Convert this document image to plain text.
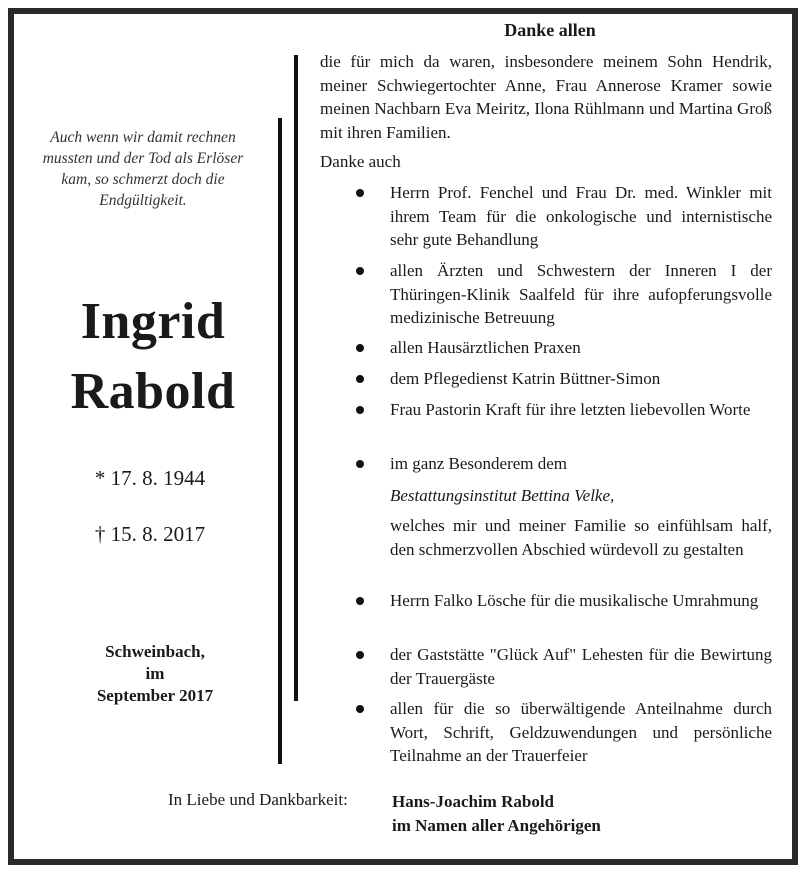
Auch wenn wir damit rechnen mussten und der Tod als Erlöser kam, so schmerzt doch die Endgültigkeit.
Ingrid
Rabold
* 17. 8. 1944
† 15. 8. 2017
Schweinbach,
im
September 2017
Danke allen
die für mich da waren, insbesondere meinem Sohn Hendrik, meiner Schwiegertochter Anne, Frau Annerose Kramer sowie meinen Nachbarn Eva Meiritz, Ilona Rühlmann und Martina Groß mit ihren Familien.
Danke auch
Herrn Prof. Fenchel und Frau Dr. med. Winkler mit ihrem Team für die onkologische und internistische sehr gute Behandlung
allen Ärzten und Schwestern der Inneren I der Thüringen-Klinik Saalfeld für ihre aufopferungsvolle medizinische Betreuung
allen Hausärztlichen Praxen
dem Pflegedienst Katrin Büttner-Simon
Frau Pastorin Kraft für ihre letzten liebevollen Worte
im ganz Besonderem dem
Bestattungsinstitut Bettina Velke,
welches mir und meiner Familie so einfühlsam half, den schmerzvollen Abschied würdevoll zu gestalten
Herrn Falko Lösche für die musikalische Umrahmung
der Gaststätte "Glück Auf" Lehesten für die Bewirtung der Trauergäste
allen für die so überwältigende Anteilnahme durch Wort, Schrift, Geldzuwendungen und persönliche Teilnahme an der Trauerfeier
In Liebe und Dankbarkeit:	Hans-Joachim Rabold
im Namen aller Angehörigen
